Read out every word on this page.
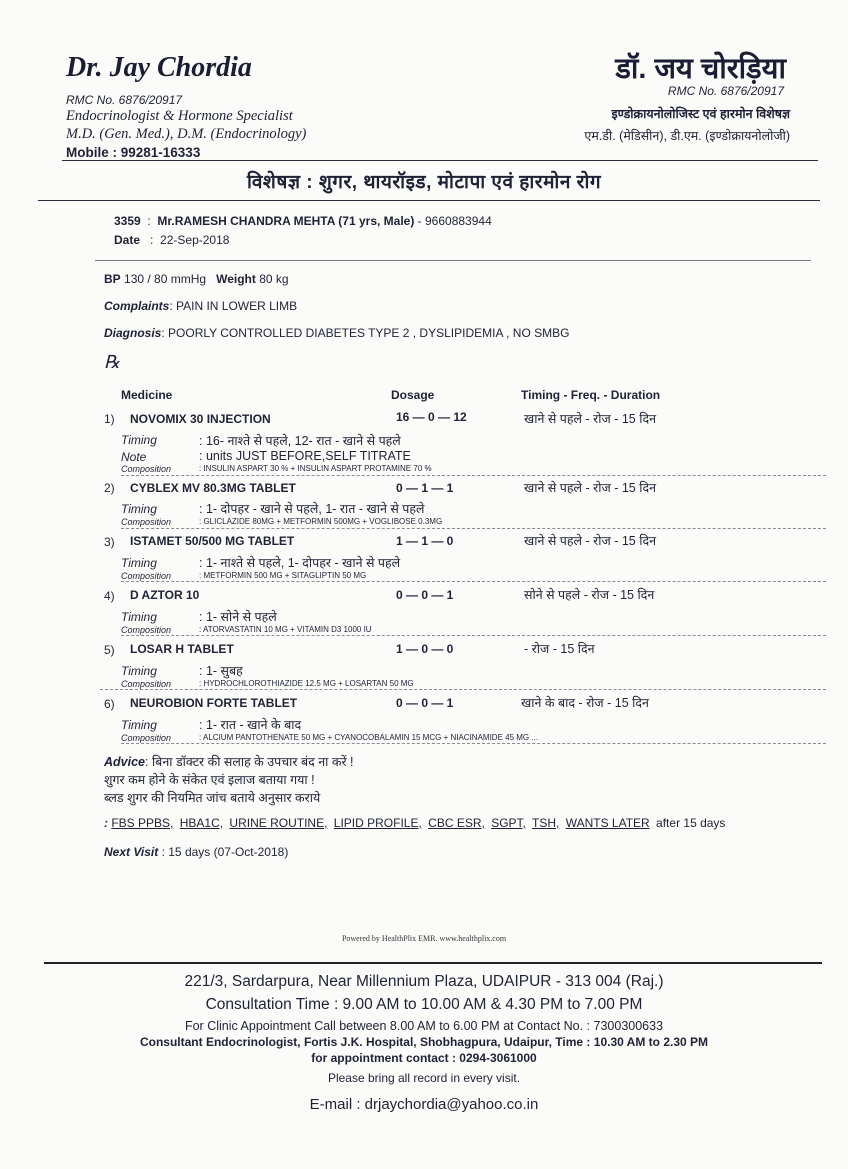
Dr. Jay Chordia
RMC No. 6876/20917
Endocrinologist & Hormone Specialist
M.D. (Gen. Med.), D.M. (Endocrinology)
Mobile : 99281-16333
डॉ. जय चोरड़िया
RMC No. 6876/20917
इण्डोक्रायनोलोजिस्ट एवं हारमोन विशेषज्ञ
एम.डी. (मेडिसीन), डी.एम. (इण्डोक्रायनोलोजी)
विशेषज्ञ : शुगर, थायरॉइड, मोटापा एवं हारमोन रोग
3359  :  Mr.RAMESH CHANDRA MEHTA (71 yrs, Male) - 9660883944
Date   :  22-Sep-2018
BP 130 / 80 mmHg Weight 80 kg
Complaints: PAIN IN LOWER LIMB
Diagnosis: POORLY CONTROLLED DIABETES TYPE 2 , DYSLIPIDEMIA , NO SMBG
℞
Medicine	Dosage	Timing - Freq. - Duration
1) NOVOMIX 30 INJECTION	16 — 0 — 12	खाने से पहले - रोज - 15 दिन
Timing	: 16- नाश्ते से पहले, 12- रात - खाने से पहले
Note	: units JUST BEFORE,SELF TITRATE
Composition	: INSULIN ASPART 30 % + INSULIN ASPART PROTAMINE 70 %
2) CYBLEX MV 80.3MG TABLET	0 — 1 — 1	खाने से पहले - रोज - 15 दिन
Timing	: 1- दोपहर - खाने से पहले, 1- रात - खाने से पहले
Composition	: GLICLAZIDE 80MG + METFORMIN 500MG + VOGLIBOSE 0.3MG
3) ISTAMET 50/500 MG TABLET	1 — 1 — 0	खाने से पहले - रोज - 15 दिन
Timing	: 1- नाश्ते से पहले, 1- दोपहर - खाने से पहले
Composition	: METFORMIN 500 MG + SITAGLIPTIN 50 MG
4) D AZTOR 10	0 — 0 — 1	सोने से पहले - रोज - 15 दिन
Timing	: 1- सोने से पहले
Composition	: ATORVASTATIN 10 MG + VITAMIN D3 1000 IU
5) LOSAR H TABLET	1 — 0 — 0	- रोज - 15 दिन
Timing	: 1- सुबह
Composition	: HYDROCHLOROTHIAZIDE 12.5 MG + LOSARTAN 50 MG
6) NEUROBION FORTE TABLET	0 — 0 — 1	खाने के बाद - रोज - 15 दिन
Timing	: 1- रात - खाने के बाद
Composition	: ALCIUM PANTOTHENATE 50 MG + CYANOCOBALAMIN 15 MCG + NIACINAMIDE 45 MG ...
Advice: बिना डॉक्टर की सलाह के उपचार बंद ना करें !
शुगर कम होने के संकेत एवं इलाज बताया गया !
ब्लड शुगर की नियमित जांच बताये अनुसार कराये
: FBS PPBS, HBA1C, URINE ROUTINE, LIPID PROFILE, CBC ESR, SGPT, TSH, WANTS LATER after 15 days
Next Visit : 15 days (07-Oct-2018)
Powered by HealthPlix EMR. www.healthplix.com
221/3, Sardarpura, Near Millennium Plaza, UDAIPUR - 313 004 (Raj.)
Consultation Time : 9.00 AM to 10.00 AM & 4.30 PM to 7.00 PM
For Clinic Appointment Call between 8.00 AM to 6.00 PM at Contact No. : 7300300633
Consultant Endocrinologist, Fortis J.K. Hospital, Shobhagpura, Udaipur, Time : 10.30 AM to 2.30 PM
for appointment contact : 0294-3061000
Please bring all record in every visit.
E-mail : drjaychordia@yahoo.co.in
